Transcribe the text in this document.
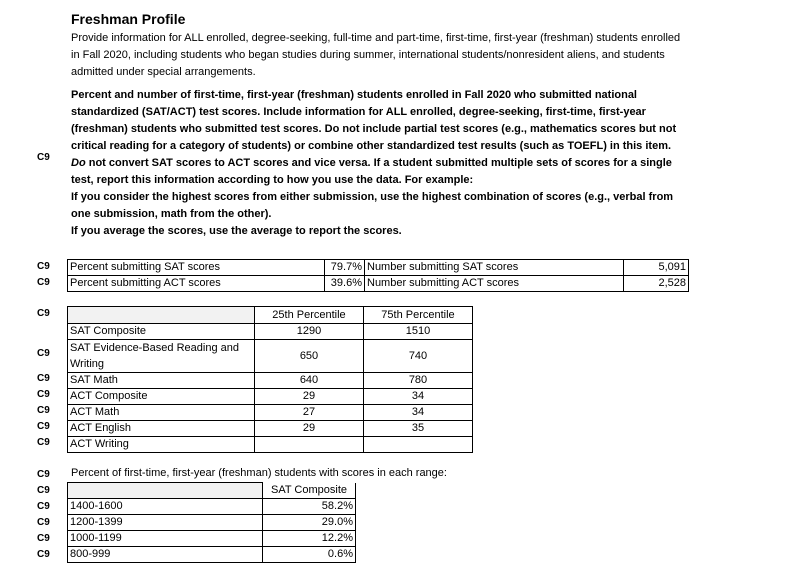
Freshman Profile
Provide information for ALL enrolled, degree-seeking, full-time and part-time, first-time, first-year (freshman) students enrolled in Fall 2020, including students who began studies during summer, international students/nonresident aliens, and students admitted under special arrangements.
C9

Percent and number of first-time, first-year (freshman) students enrolled in Fall 2020 who submitted national standardized (SAT/ACT) test scores. Include information for ALL enrolled, degree-seeking, first-time, first-year (freshman) students who submitted test scores. Do not include partial test scores (e.g., mathematics scores but not critical reading for a category of students) or combine other standardized test results (such as TOEFL) in this item. Do not convert SAT scores to ACT scores and vice versa. If a student submitted multiple sets of scores for a single test, report this information according to how you use the data. For example:

If you consider the highest scores from either submission, use the highest combination of scores (e.g., verbal from one submission, math from the other).

If you average the scores, use the average to report the scores.

C9
C9
Percent submitting SAT scores	79.7%	Number submitting SAT scores	5,091
Percent submitting ACT scores	39.6%	Number submitting ACT scores	2,528
C9
C9
C9
C9
C9
C9
C9
	25th Percentile	75th Percentile
SAT Composite	1290	1510
SAT Evidence-Based Reading and Writing	650	740
SAT Math	640	780
ACT Composite	29	34
ACT Math	27	34
ACT English	29	35
ACT Writing		
C9
C9
C9
C9
C9
C9
Percent of first-time, first-year (freshman) students with scores in each range:
	SAT Composite
1400-1600	58.2%
1200-1399	29.0%
1000-1199	12.2%
800-999	0.6%
